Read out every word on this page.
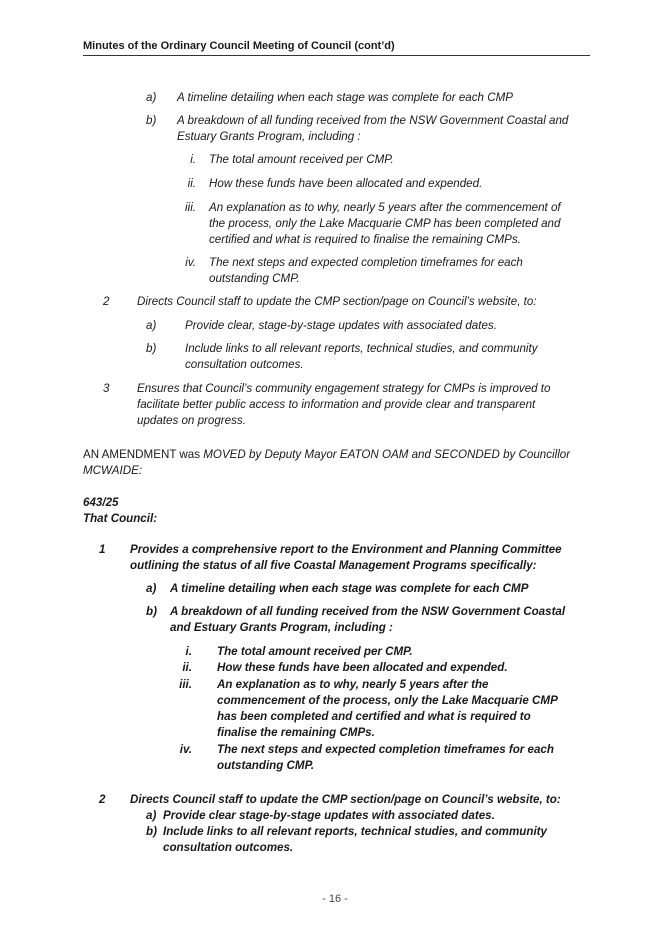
Minutes of the Ordinary Council Meeting of Council (cont’d)
a) A timeline detailing when each stage was complete for each CMP
b) A breakdown of all funding received from the NSW Government Coastal and
Estuary Grants Program, including :
i. The total amount received per CMP.
ii. How these funds have been allocated and expended.
iii. An explanation as to why, nearly 5 years after the commencement of
the process, only the Lake Macquarie CMP has been completed and
certified and what is required to finalise the remaining CMPs.
iv. The next steps and expected completion timeframes for each
outstanding CMP.
2 Directs Council staff to update the CMP section/page on Council’s website, to:
a) Provide clear, stage-by-stage updates with associated dates.
b) Include links to all relevant reports, technical studies, and community
consultation outcomes.
3 Ensures that Council’s community engagement strategy for CMPs is improved to
facilitate better public access to information and provide clear and transparent
updates on progress.
AN AMENDMENT was MOVED by Deputy Mayor EATON OAM and SECONDED by Councillor
MCWAIDE:
643/25
That Council:
1 Provides a comprehensive report to the Environment and Planning Committee
outlining the status of all five Coastal Management Programs specifically:
a) A timeline detailing when each stage was complete for each CMP
b) A breakdown of all funding received from the NSW Government Coastal
and Estuary Grants Program, including :
i. The total amount received per CMP.
ii. How these funds have been allocated and expended.
iii. An explanation as to why, nearly 5 years after the
commencement of the process, only the Lake Macquarie CMP
has been completed and certified and what is required to
finalise the remaining CMPs.
iv. The next steps and expected completion timeframes for each
outstanding CMP.
2 Directs Council staff to update the CMP section/page on Council’s website, to:
a) Provide clear stage-by-stage updates with associated dates.
b) Include links to all relevant reports, technical studies, and community
consultation outcomes.
- 16 -
